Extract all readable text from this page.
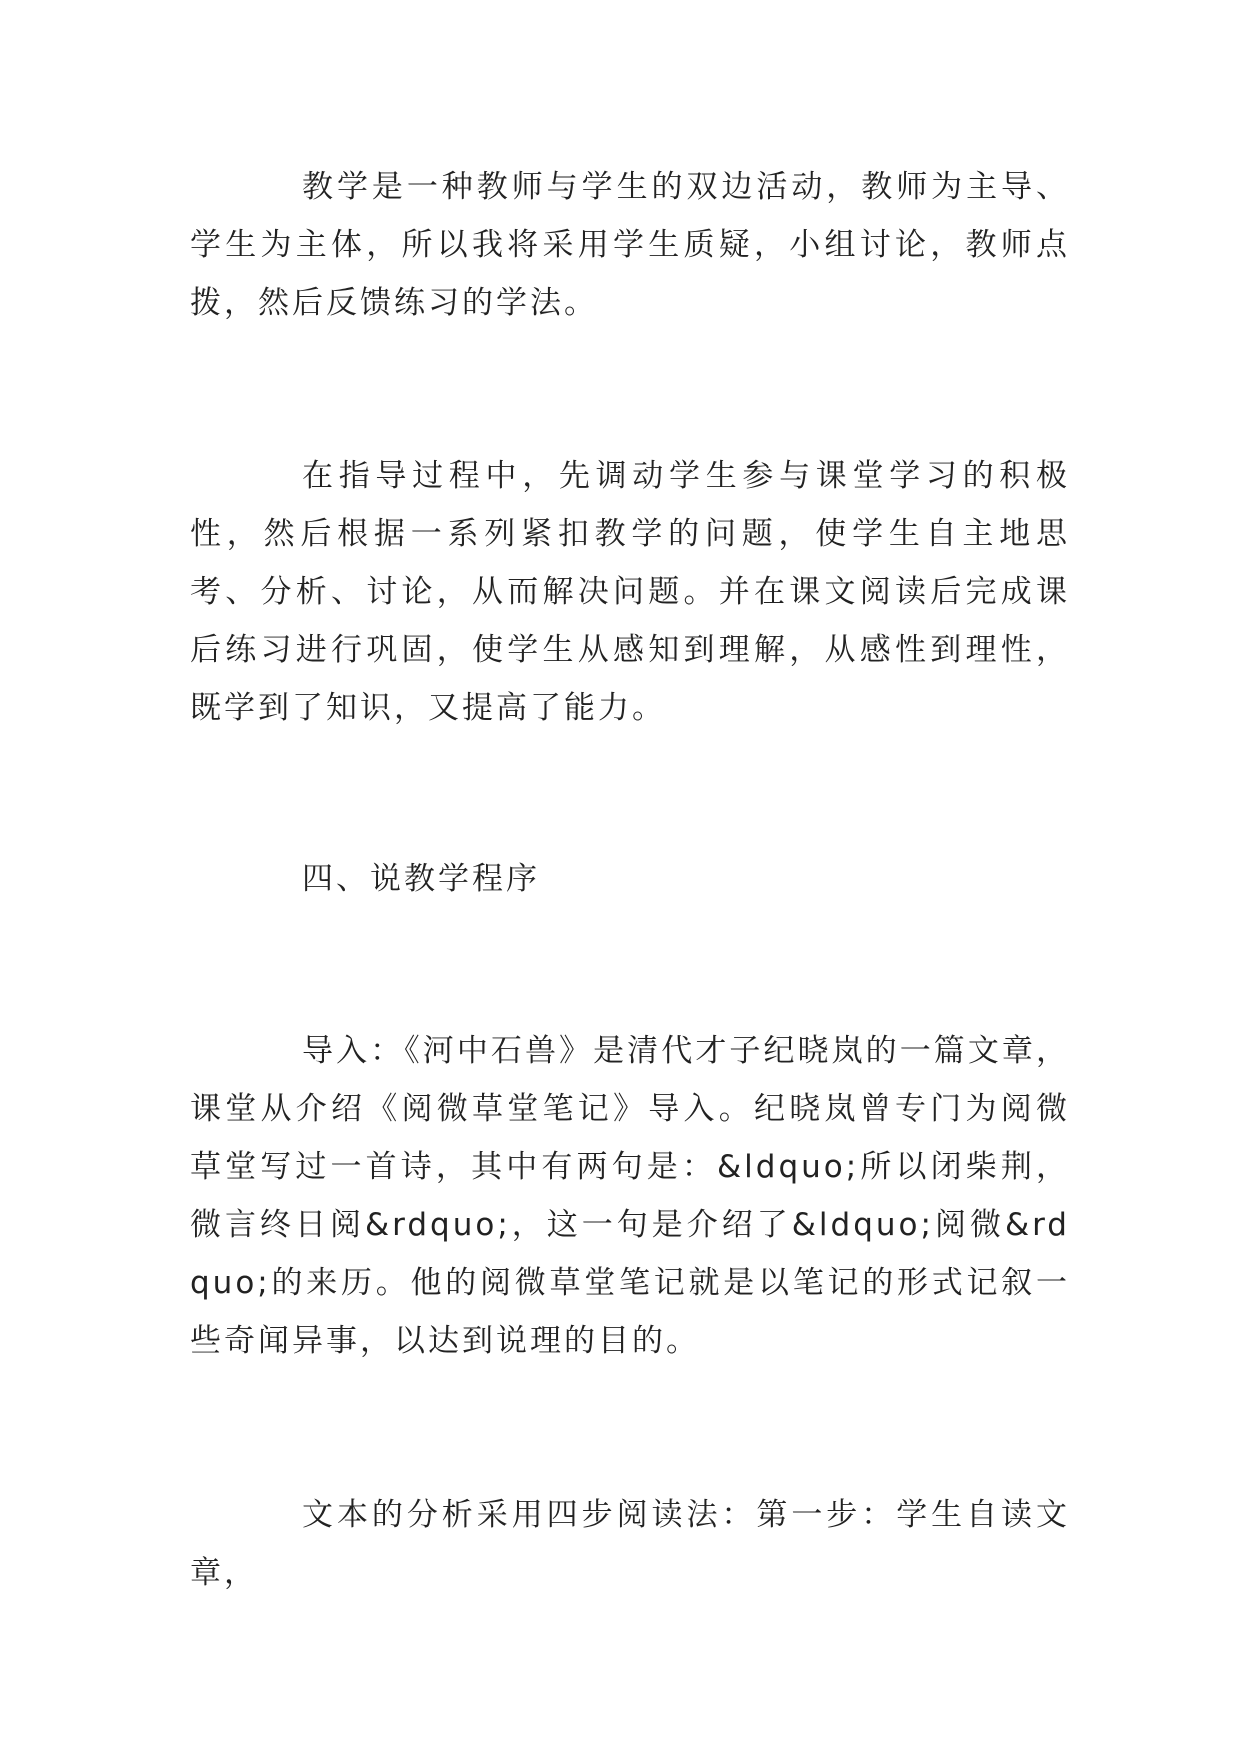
教学是一种教师与学生的双边活动，教师为主导、学生为主体，所以我将采用学生质疑，小组讨论，教师点拨，然后反馈练习的学法。

在指导过程中，先调动学生参与课堂学习的积极性，然后根据一系列紧扣教学的问题，使学生自主地思考、分析、讨论，从而解决问题。并在课文阅读后完成课后练习进行巩固，使学生从感知到理解，从感性到理性，既学到了知识，又提高了能力。

四、说教学程序

导入：《河中石兽》是清代才子纪晓岚的一篇文章，课堂从介绍《阅微草堂笔记》导入。纪晓岚曾专门为阅微草堂写过一首诗，其中有两句是：&ldquo;所以闭柴荆，微言终日阅&rdquo;，这一句是介绍了&ldquo;阅微&rdquo;的来历。他的阅微草堂笔记就是以笔记的形式记叙一些奇闻异事，以达到说理的目的。

文本的分析采用四步阅读法：第一步：学生自读文章，
